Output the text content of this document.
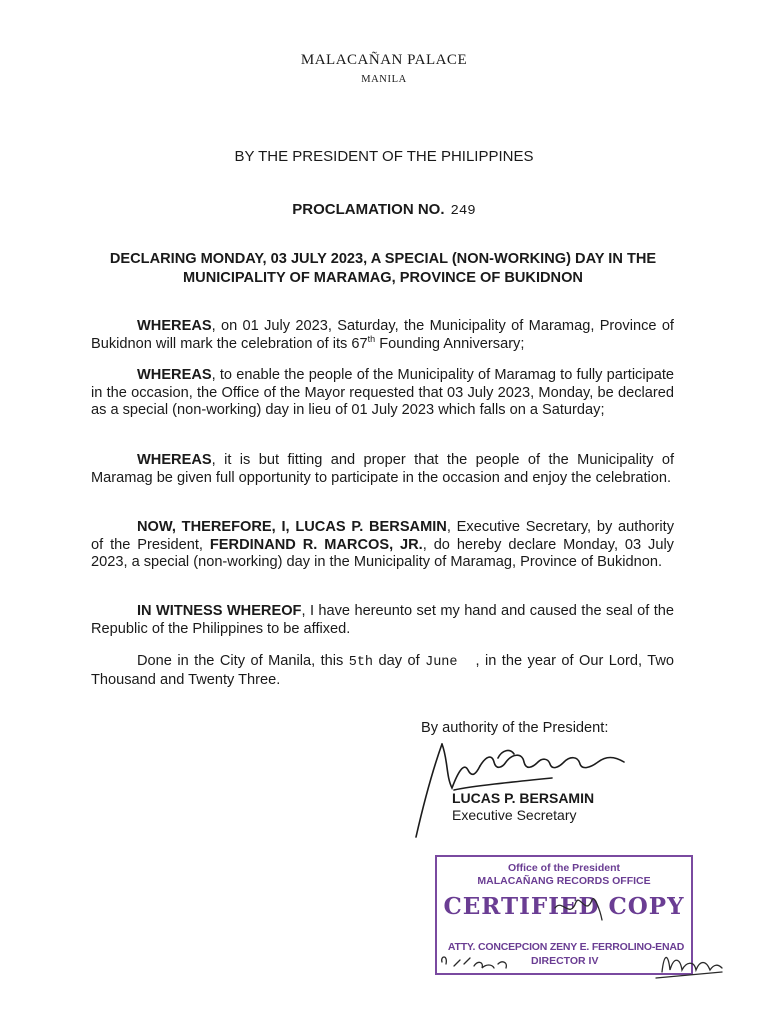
MALACAÑAN PALACE
MANILA
BY THE PRESIDENT OF THE PHILIPPINES
PROCLAMATION NO. 249
DECLARING MONDAY, 03 JULY 2023, A SPECIAL (NON-WORKING) DAY IN THE MUNICIPALITY OF MARAMAG, PROVINCE OF BUKIDNON
WHEREAS, on 01 July 2023, Saturday, the Municipality of Maramag, Province of Bukidnon will mark the celebration of its 67th Founding Anniversary;
WHEREAS, to enable the people of the Municipality of Maramag to fully participate in the occasion, the Office of the Mayor requested that 03 July 2023, Monday, be declared as a special (non-working) day in lieu of 01 July 2023 which falls on a Saturday;
WHEREAS, it is but fitting and proper that the people of the Municipality of Maramag be given full opportunity to participate in the occasion and enjoy the celebration.
NOW, THEREFORE, I, LUCAS P. BERSAMIN, Executive Secretary, by authority of the President, FERDINAND R. MARCOS, JR., do hereby declare Monday, 03 July 2023, a special (non-working) day in the Municipality of Maramag, Province of Bukidnon.
IN WITNESS WHEREOF, I have hereunto set my hand and caused the seal of the Republic of the Philippines to be affixed.
Done in the City of Manila, this 5th day of June , in the year of Our Lord, Two Thousand and Twenty Three.
By authority of the President:
LUCAS P. BERSAMIN
Executive Secretary
Office of the President
MALACAÑANG RECORDS OFFICE
CERTIFIED COPY
ATTY. CONCEPCION ZENY E. FERROLINO-ENAD
DIRECTOR IV
